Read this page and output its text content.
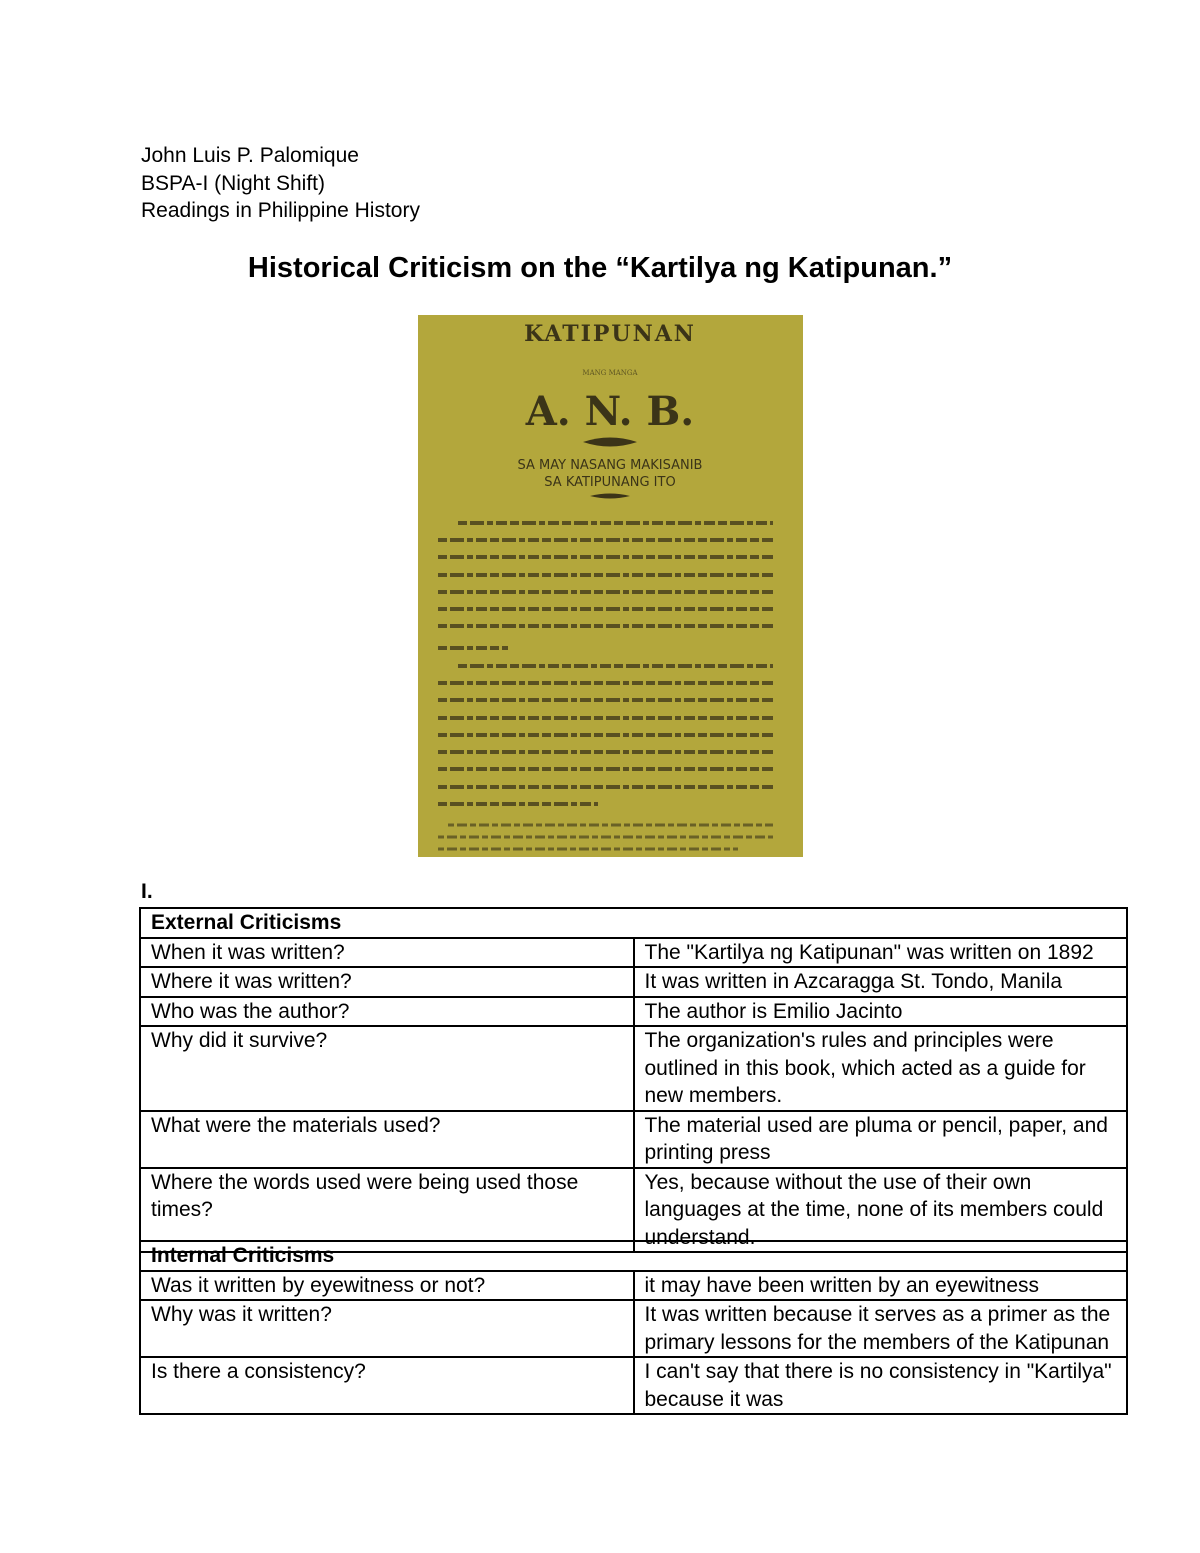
John Luis P. Palomique
BSPA-I (Night Shift)
Readings in Philippine History
Historical Criticism on the “Kartilya ng Katipunan.”
KATIPUNAN
MANG MANGA
A. N. B.
SA MAY NASANG MAKISANIB
SA KATIPUNANG ITO
I.
External Criticisms	
When it was written?	The "Kartilya ng Katipunan" was written on 1892
Where it was written?	It was written in Azcaragga St. Tondo, Manila
Who was the author?	The author is Emilio Jacinto
Why did it survive?	The organization's rules and principles were outlined in this book, which acted as a guide for new members.
What were the materials used?	The material used are pluma or pencil, paper, and printing press
Where the words used were being used those times?	Yes, because without the use of their own languages at the time, none of its members could understand.
Internal Criticisms	
Was it written by eyewitness or not?	it may have been written by an eyewitness
Why was it written?	It was written because it serves as a primer as the primary lessons for the members of the Katipunan
Is there a consistency?	I can't say that there is no consistency in "Kartilya" because it was
